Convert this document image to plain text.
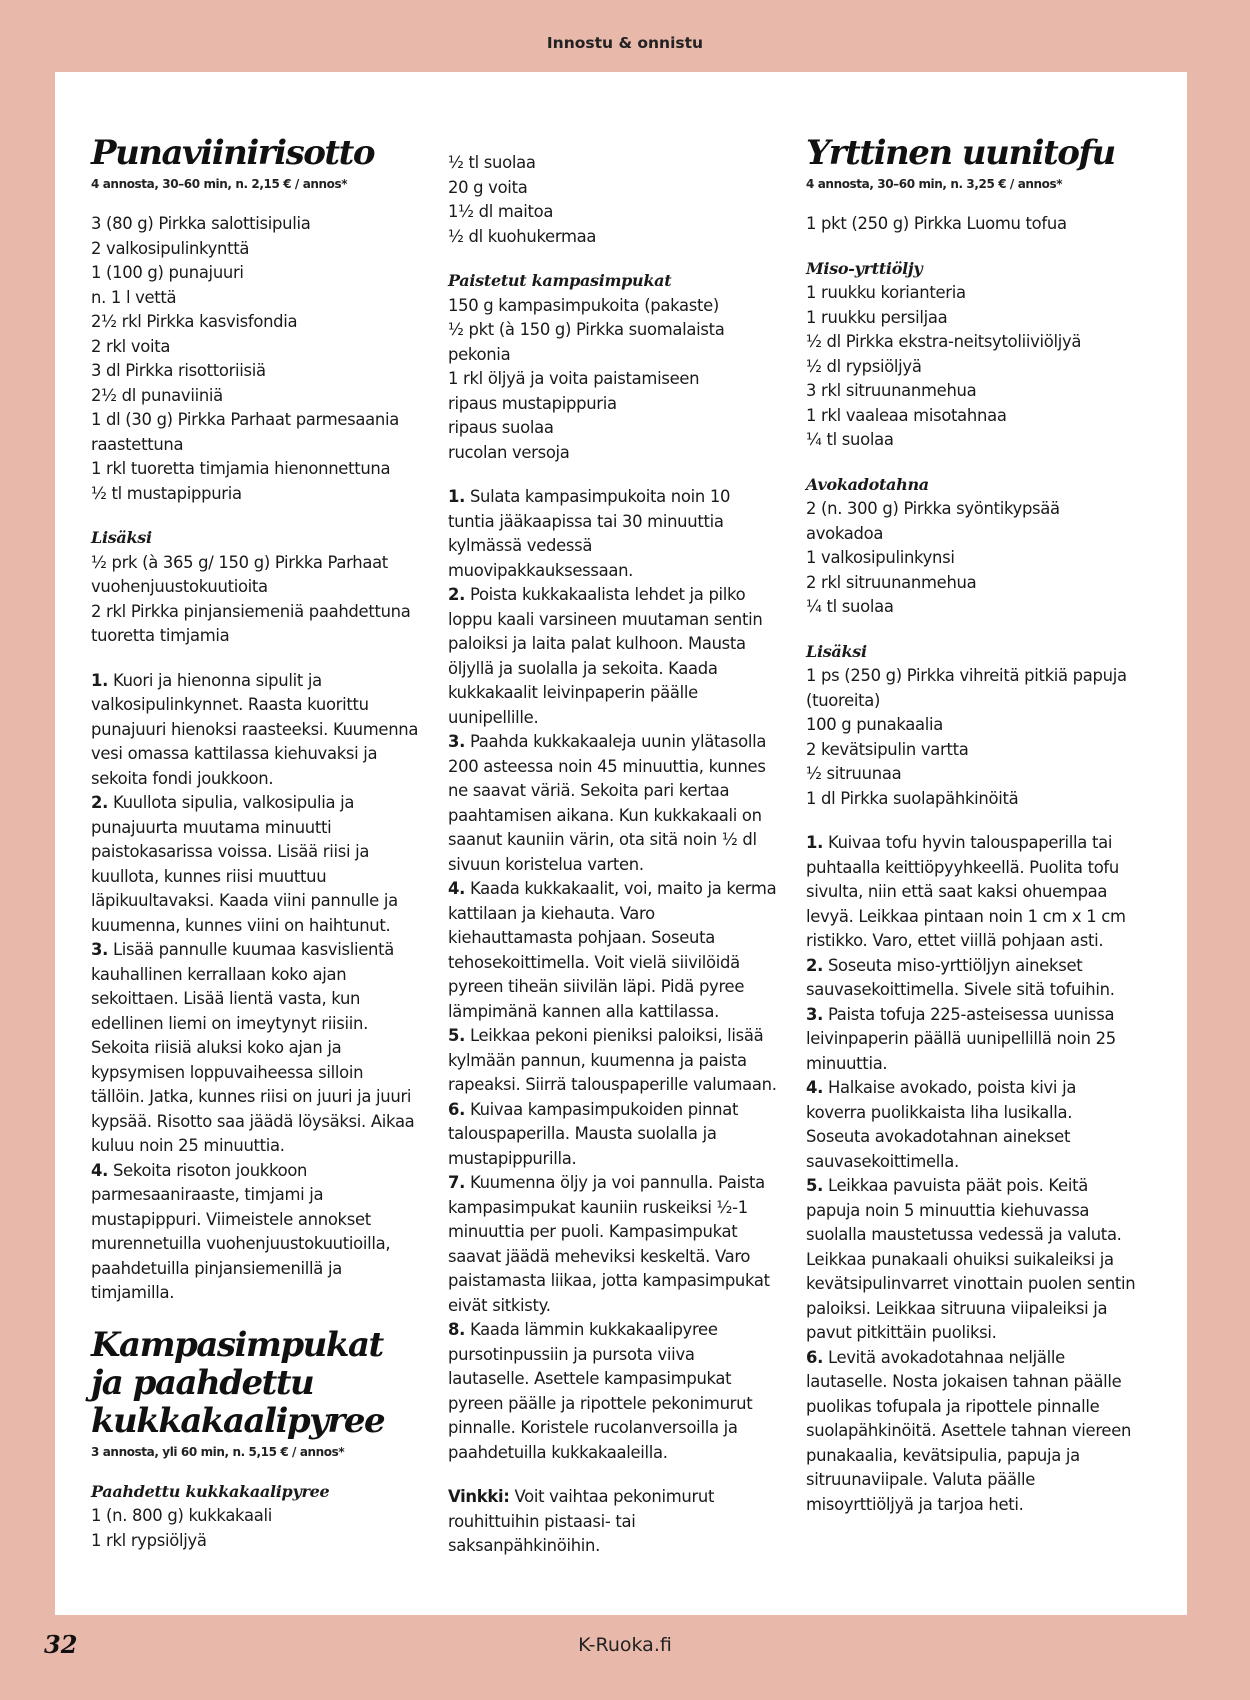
Innostu & onnistu
Punaviinirisotto
4 annosta, 30–60 min, n. 2,15 € / annos*
3 (80 g) Pirkka salottisipulia
2 valkosipulinkynttä
1 (100 g) punajuuri
n. 1 l vettä
2½ rkl Pirkka kasvisfondia
2 rkl voita
3 dl Pirkka risottoriisiä
2½ dl punaviiniä
1 dl (30 g) Pirkka Parhaat parmesaania raastettuna
1 rkl tuoretta timjamia hienonnettuna
½ tl mustapippuria
Lisäksi
½ prk (à 365 g/ 150 g) Pirkka Parhaat vuohenjuustokuutioita
2 rkl Pirkka pinjansiemeniä paahdettuna
tuoretta timjamia

1. Kuori ja hienonna sipulit ja valkosipulinkynnet. Raasta kuorittu punajuuri hienoksi raasteeksi. Kuumenna vesi omassa kattilassa kiehuvaksi ja sekoita fondi joukkoon.

2. Kuullota sipulia, valkosipulia ja punajuurta muutama minuutti paistokasarissa voissa. Lisää riisi ja kuullota, kunnes riisi muuttuu läpikuultavaksi. Kaada viini pannulle ja kuumenna, kunnes viini on haihtunut.

3. Lisää pannulle kuumaa kasvislientä kauhallinen kerrallaan koko ajan sekoittaen. Lisää lientä vasta, kun edellinen liemi on imeytynyt riisiin. Sekoita riisiä aluksi koko ajan ja kypsymisen loppuvaiheessa silloin tällöin. Jatka, kunnes riisi on juuri ja juuri kypsää. Risotto saa jäädä löysäksi. Aikaa kuluu noin 25 minuuttia.

4. Sekoita risoton joukkoon parmesaaniraaste, timjami ja mustapippuri. Viimeistele annokset murennetuilla vuohenjuustokuutioilla, paahdetuilla pinjansiemenillä ja timjamilla.

Kampasimpukat
ja paahdettu
kukkakaalipyree
3 annosta, yli 60 min, n. 5,15 € / annos*
Paahdettu kukkakaalipyree
1 (n. 800 g) kukkakaali
1 rkl rypsiöljyä
½ tl suolaa
20 g voita
1½ dl maitoa
½ dl kuohukermaa
Paistetut kampasimpukat
150 g kampasimpukoita (pakaste)
½ pkt (à 150 g) Pirkka suomalaista pekonia
1 rkl öljyä ja voita paistamiseen
ripaus mustapippuria
ripaus suolaa
rucolan versoja

1. Sulata kampasimpukoita noin 10 tuntia jääkaapissa tai 30 minuuttia kylmässä vedessä muovipakkauksessaan.

2. Poista kukkakaalista lehdet ja pilko loppu kaali varsineen muutaman sentin paloiksi ja laita palat kulhoon. Mausta öljyllä ja suolalla ja sekoita. Kaada kukkakaalit leivinpaperin päälle uunipellille.

3. Paahda kukkakaaleja uunin ylätasolla 200 asteessa noin 45 minuuttia, kunnes ne saavat väriä. Sekoita pari kertaa paahtamisen aikana. Kun kukkakaali on saanut kauniin värin, ota sitä noin ½ dl sivuun koristelua varten.

4. Kaada kukkakaalit, voi, maito ja kerma kattilaan ja kiehauta. Varo kiehauttamasta pohjaan. Soseuta tehosekoittimella. Voit vielä siivilöidä pyreen tiheän siivilän läpi. Pidä pyree lämpimänä kannen alla kattilassa.

5. Leikkaa pekoni pieniksi paloiksi, lisää kylmään pannun, kuumenna ja paista rapeaksi. Siirrä talouspaperille valumaan.

6. Kuivaa kampasimpukoiden pinnat talouspaperilla. Mausta suolalla ja mustapippurilla.

7. Kuumenna öljy ja voi pannulla. Paista kampasimpukat kauniin ruskeiksi ½-1 minuuttia per puoli. Kampasimpukat saavat jäädä meheviksi keskeltä. Varo paistamasta liikaa, jotta kampasimpukat eivät sitkisty.

8. Kaada lämmin kukkakaalipyree pursotinpussiin ja pursota viiva lautaselle. Asettele kampasimpukat pyreen päälle ja ripottele pekonimurut pinnalle. Koristele rucolanversoilla ja paahdetuilla kukkakaaleilla.

Vinkki: Voit vaihtaa pekonimurut rouhittuihin pistaasi- tai saksanpähkinöihin.

Yrttinen uunitofu
4 annosta, 30–60 min, n. 3,25 € / annos*
1 pkt (250 g) Pirkka Luomu tofua
Miso-yrttiöljy
1 ruukku korianteria
1 ruukku persiljaa
½ dl Pirkka ekstra-neitsytoliiviöljyä
½ dl rypsiöljyä
3 rkl sitruunanmehua
1 rkl vaaleaa misotahnaa
¼ tl suolaa
Avokadotahna
2 (n. 300 g) Pirkka syöntikypsää avokadoa
1 valkosipulinkynsi
2 rkl sitruunanmehua
¼ tl suolaa
Lisäksi
1 ps (250 g) Pirkka vihreitä pitkiä papuja (tuoreita)
100 g punakaalia
2 kevätsipulin vartta
½ sitruunaa
1 dl Pirkka suolapähkinöitä

1. Kuivaa tofu hyvin talouspaperilla tai puhtaalla keittiöpyyhkeellä. Puolita tofu sivulta, niin että saat kaksi ohuempaa levyä. Leikkaa pintaan noin 1 cm x 1 cm ristikko. Varo, ettet viillä pohjaan asti.

2. Soseuta miso-yrttiöljyn ainekset sauvasekoittimella. Sivele sitä tofuihin.

3. Paista tofuja 225-asteisessa uunissa leivinpaperin päällä uunipellillä noin 25 minuuttia.

4. Halkaise avokado, poista kivi ja koverra puolikkaista liha lusikalla. Soseuta avokadotahnan ainekset sauvasekoittimella.

5. Leikkaa pavuista päät pois. Keitä papuja noin 5 minuuttia kiehuvassa suolalla maustetussa vedessä ja valuta. Leikkaa punakaali ohuiksi suikaleiksi ja kevätsipulinvarret vinottain puolen sentin paloiksi. Leikkaa sitruuna viipaleiksi ja pavut pitkittäin puoliksi.

6. Levitä avokadotahnaa neljälle lautaselle. Nosta jokaisen tahnan päälle puolikas tofupala ja ripottele pinnalle suolapähkinöitä. Asettele tahnan viereen punakaalia, kevätsipulia, papuja ja sitruunaviipale. Valuta päälle misoyrttiöljyä ja tarjoa heti.

32	K-Ruoka.fi
